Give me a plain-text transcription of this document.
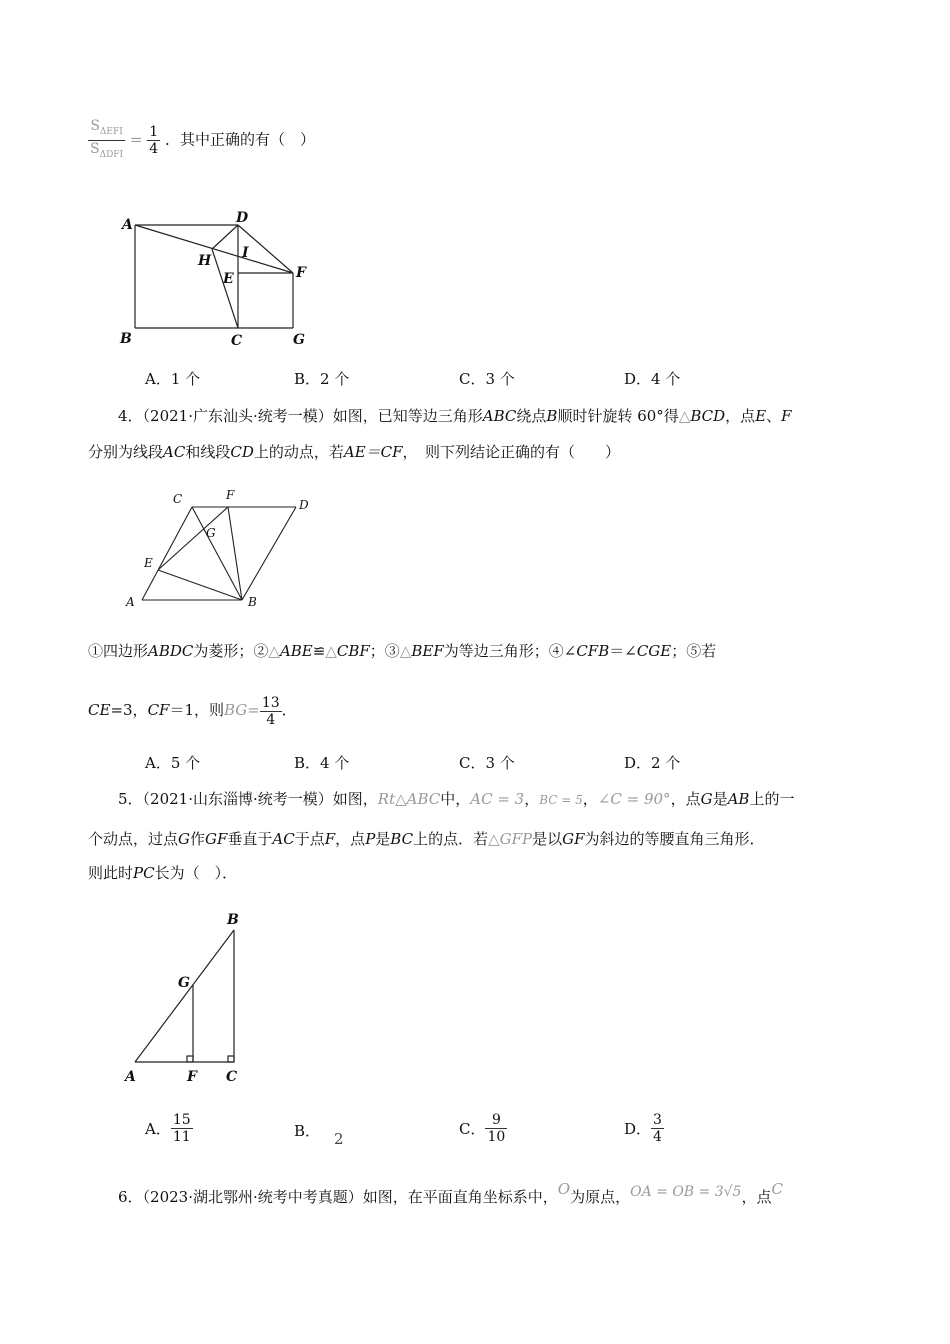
$\frac{S_{\Delta EFI}}{S_{\Delta DFI}} = \frac{1}{4}$ ．其中正确的有（　）
A	D
I
H
E	F
B	C	G
A．1 个	B．2 个	C．3 个	D．4 个
4．（2021·广东汕头·统考一模）如图，已知等边三角形ABC绕点B顺时针旋转 60°得△BCD，点E、F
分别为线段AC和线段CD上的动点，若AE＝CF，　则下列结论正确的有（　　）
C	F
D
G
E
A	B
①四边形ABDC为菱形；②△ABE≌△CBF；③△BEF为等边三角形；④∠CFB＝∠CGE；⑤若
CE=3，CF＝1，则$BG= \frac{13}{4}$ ．
A．5 个	B．4 个	C．3 个	D．2 个
5．（2021·山东淄博·统考一模）如图，Rt△ABC中，AC = 3，BC = 5，∠C = 90°，点G是AB上的一
个动点，过点G作GF垂直于AC于点F，点P是BC上的点．若△GFP是以GF为斜边的等腰直角三角形．
则此时PC长为（　）．
B
G
A	F C
A． $\frac{15}{11}$	B． 2
C． $\frac{9}{10}$	D． $\frac{3}{4}$
6．（2023·湖北鄂州·统考中考真题）如图，在平面直角坐标系中，O为原点，OA = OB = 3√5，点C
